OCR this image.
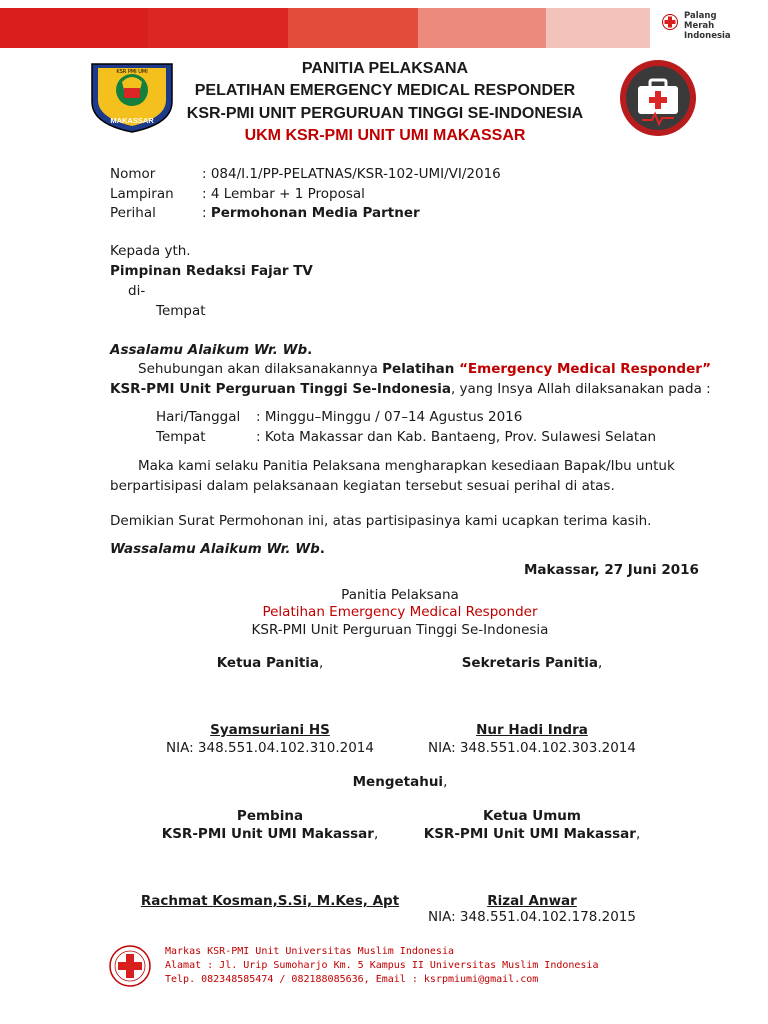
Palang
Merah
Indonesia
KSR PMI UMI
MAKASSAR
PANITIA PELAKSANA
PELATIHAN EMERGENCY MEDICAL RESPONDER
KSR-PMI UNIT PERGURUAN TINGGI SE-INDONESIA
UKM KSR-PMI UNIT UMI MAKASSAR
Nomor	: 084/I.1/PP-PELATNAS/KSR-102-UMI/VI/2016
Lampiran : 4 Lembar + 1 Proposal
Perihal	: Permohonan Media Partner
Kepada yth.
Pimpinan Redaksi Fajar TV
di-
Tempat
Assalamu Alaikum Wr. Wb.
Sehubungan akan dilaksanakannya Pelatihan “Emergency Medical Responder”
KSR-PMI Unit Perguruan Tinggi Se-Indonesia, yang Insya Allah dilaksanakan pada :
Hari/Tanggal : Minggu–Minggu / 07–14 Agustus 2016
Tempat	: Kota Makassar dan Kab. Bantaeng, Prov. Sulawesi Selatan
Maka kami selaku Panitia Pelaksana mengharapkan kesediaan Bapak/Ibu untuk
berpartisipasi dalam pelaksanaan kegiatan tersebut sesuai perihal di atas.
Demikian Surat Permohonan ini, atas partisipasinya kami ucapkan terima kasih.
Wassalamu Alaikum Wr. Wb.
Makassar, 27 Juni 2016
Panitia Pelaksana
Pelatihan Emergency Medical Responder
KSR-PMI Unit Perguruan Tinggi Se-Indonesia
Ketua Panitia,	Sekretaris Panitia,
Syamsuriani HS
NIA: 348.551.04.102.310.2014
Nur Hadi Indra
NIA: 348.551.04.102.303.2014
Mengetahui,
Pembina
KSR-PMI Unit UMI Makassar,
Ketua Umum
KSR-PMI Unit UMI Makassar,
Rachmat Kosman,S.Si, M.Kes, Apt	Rizal Anwar
NIA: 348.551.04.102.178.2015
Markas KSR-PMI Unit Universitas Muslim Indonesia
Alamat : Jl. Urip Sumoharjo Km. 5 Kampus II Universitas Muslim Indonesia
Telp. 082348585474 / 082188085636, Email : ksrpmiumi@gmail.com
